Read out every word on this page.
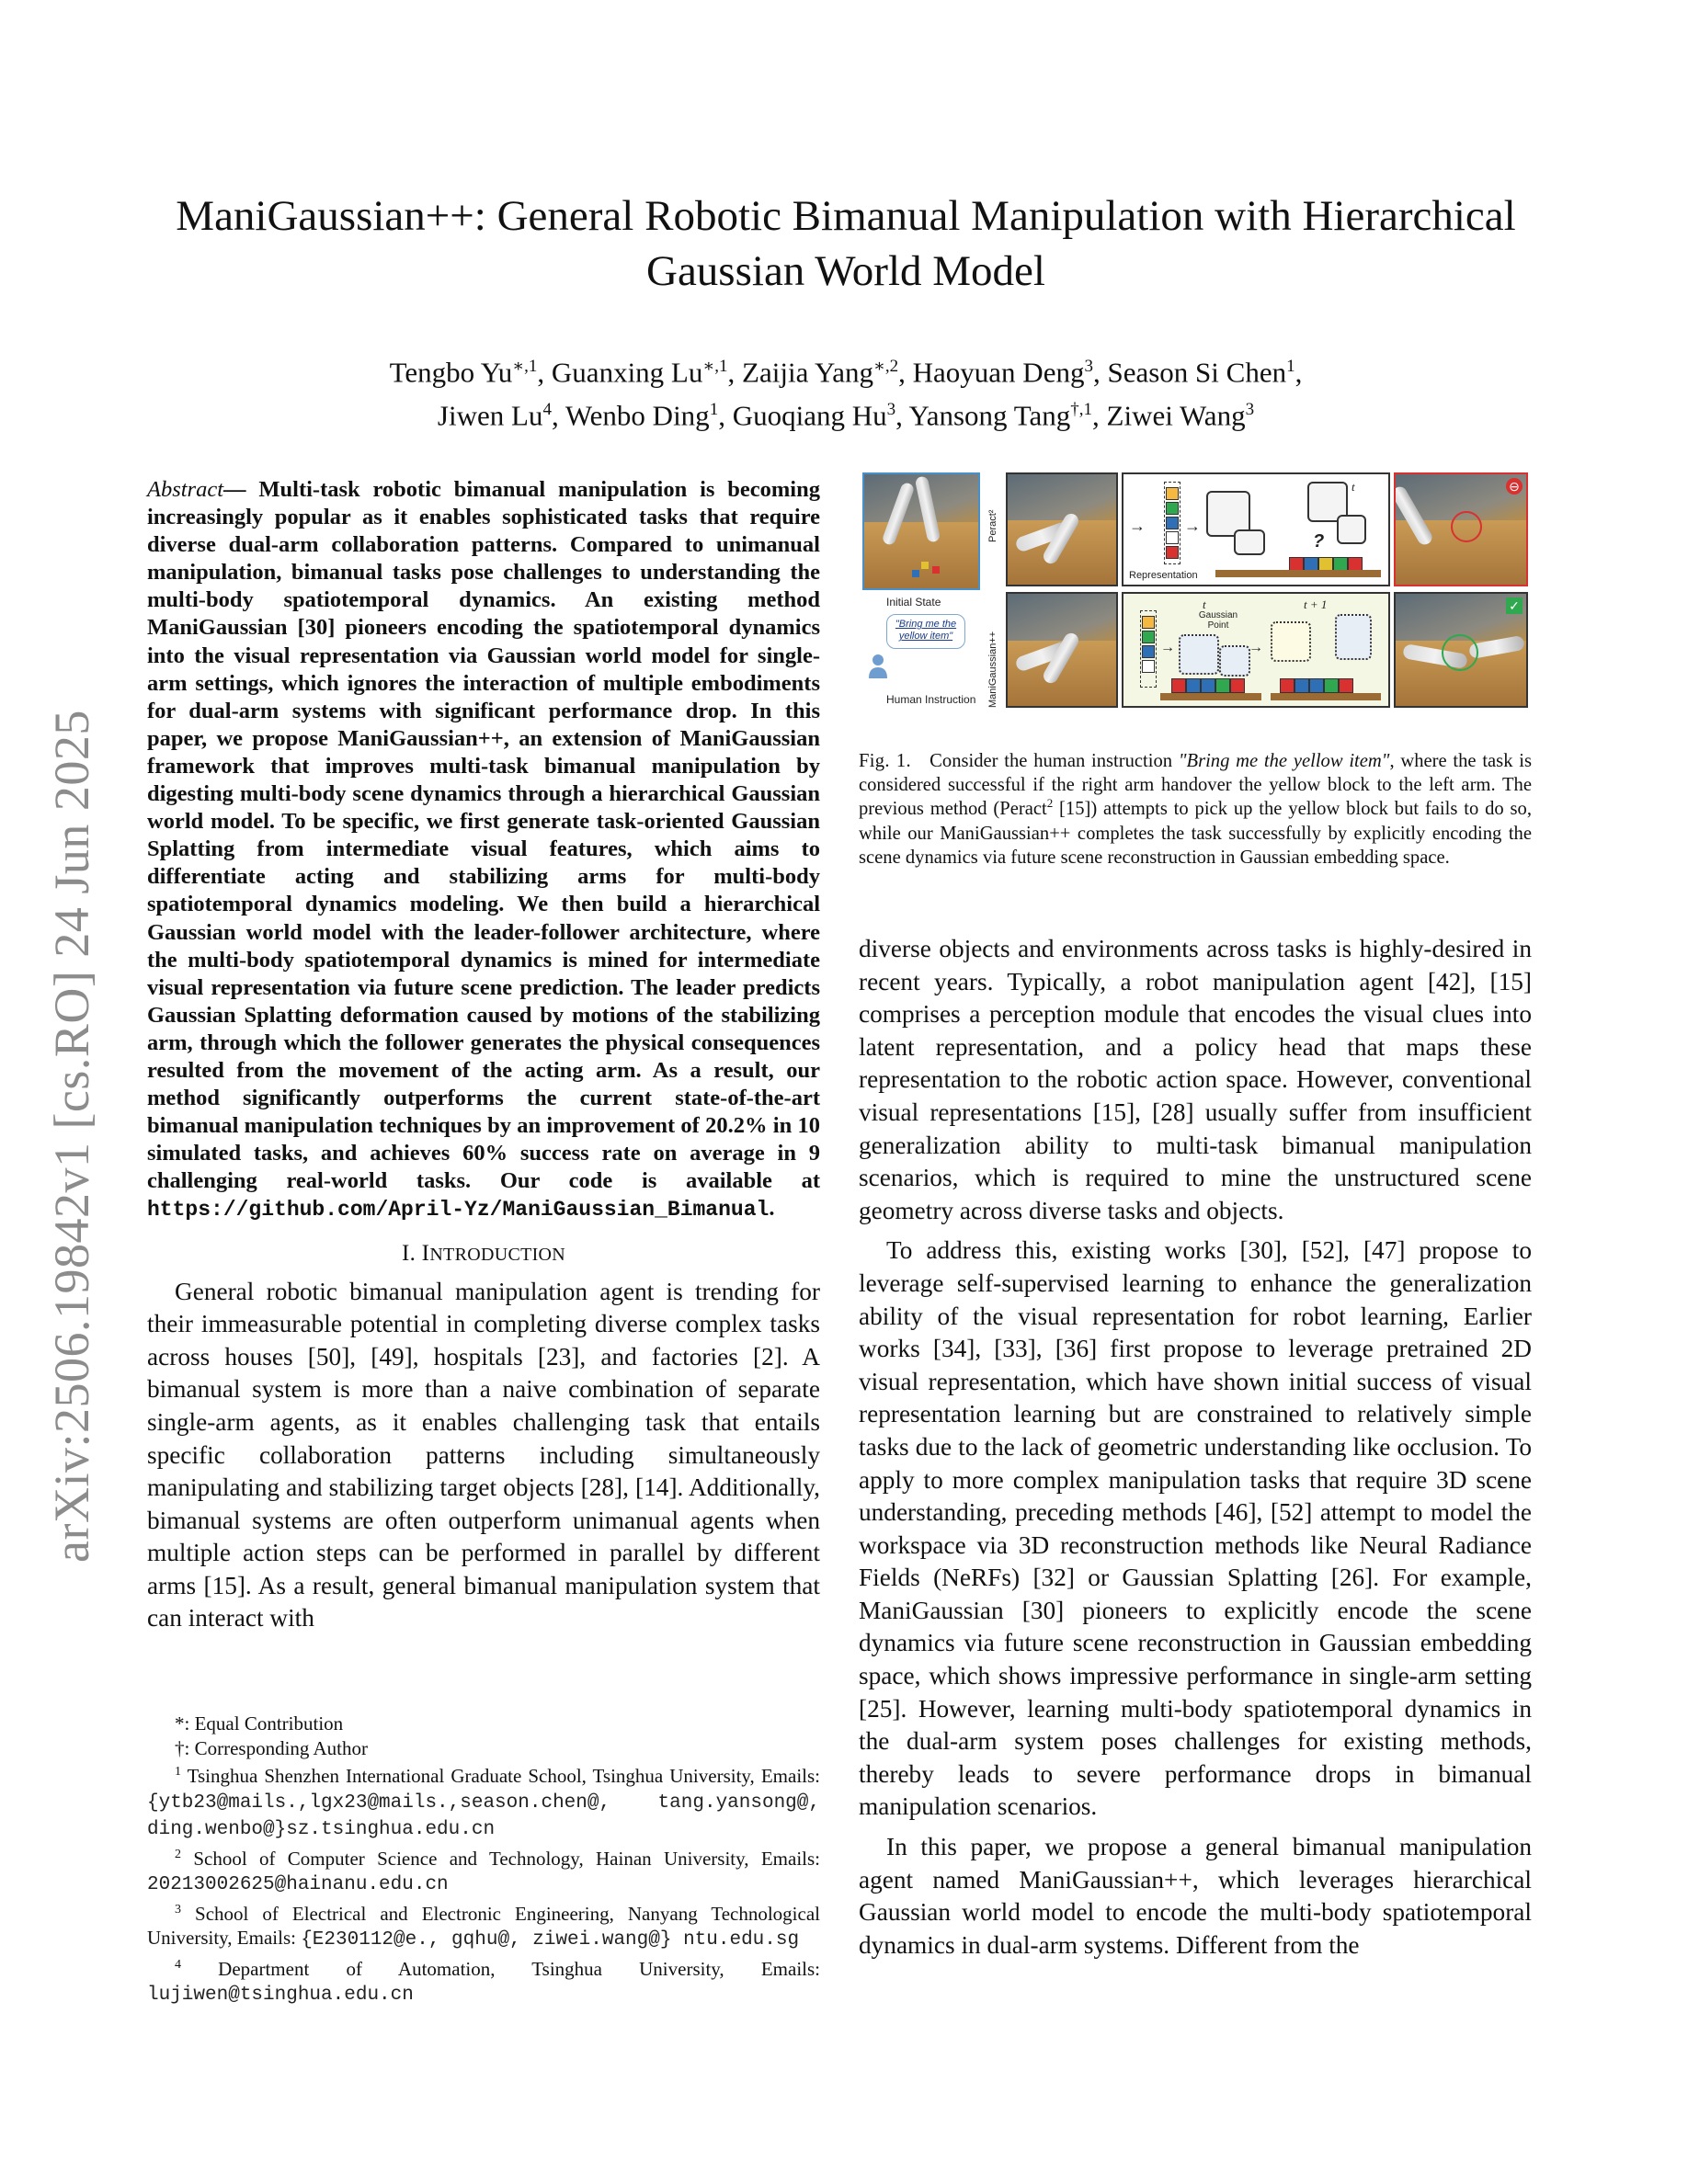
arXiv:2506.19842v1 [cs.RO] 24 Jun 2025
ManiGaussian++: General Robotic Bimanual Manipulation with Hierarchical
Gaussian World Model
Tengbo $Yu^{∗,1}$, Guanxing $Lu^{∗,1}$, Zaijia Yang$^{∗,2}$, Haoyuan Deng$^3$, Season Si Chen$^1$,
Jiwen Lu$^4$, Wenbo Ding$^1$, Guoqiang Hu$^3$, Yansong Tang$^{\dagger,1}$, Ziwei Wang$^3$

Abstract— Multi-task robotic bimanual manipulation is becoming increasingly popular as it enables sophisticated tasks that require diverse dual-arm collaboration patterns. Compared to unimanual manipulation, bimanual tasks pose challenges to understanding the multi-body spatiotemporal dynamics. An existing method ManiGaussian [30] pioneers encoding the spatiotemporal dynamics into the visual representation via Gaussian world model for single-arm settings, which ignores the interaction of multiple embodiments for dual-arm systems with significant performance drop. In this paper, we propose ManiGaussian++, an extension of ManiGaussian framework that improves multi-task bimanual manipulation by digesting multi-body scene dynamics through a hierarchical Gaussian world model. To be specific, we first generate task-oriented Gaussian Splatting from intermediate visual features, which aims to differentiate acting and stabilizing arms for multi-body spatiotemporal dynamics modeling. We then build a hierarchical Gaussian world model with the leader-follower architecture, where the multi-body spatiotemporal dynamics is mined for intermediate visual representation via future scene prediction. The leader predicts Gaussian Splatting deformation caused by motions of the stabilizing arm, through which the follower generates the physical consequences resulted from the movement of the acting arm. As a result, our method significantly outperforms the current state-of-the-art bimanual manipulation techniques by an improvement of 20.2% in 10 simulated tasks, and achieves 60% success rate on average in 9 challenging real-world tasks. Our code is available at https://github.com/April-Yz/ManiGaussian_Bimanual.

I. INTRODUCTION

General robotic bimanual manipulation agent is trending for their immeasurable potential in completing diverse complex tasks across houses [50], [49], hospitals [23], and factories [2]. A bimanual system is more than a naive combination of separate single-arm agents, as it enables challenging task that entails specific collaboration patterns including simultaneously manipulating and stabilizing target objects [28], [14]. Additionally, bimanual systems are often outperform unimanual agents when multiple action steps can be performed in parallel by different arms [15]. As a result, general bimanual manipulation system that can interact with

*: Equal Contribution

†: Corresponding Author

$^1$ Tsinghua Shenzhen International Graduate School, Tsinghua University, Emails: {ytb23@mails.,lgx23@mails.,season.chen@, tang.yansong@, ding.wenbo@}sz.tsinghua.edu.cn

$^2$ School of Computer Science and Technology, Hainan University, Emails: 20213002625@hainanu.edu.cn

$^3$ School of Electrical and Electronic Engineering, Nanyang Technological University, Emails: {E230112@e., gqhu@, ziwei.wang@} ntu.edu.sg

$^4$ Department of Automation, Tsinghua University, Emails: lujiwen@tsinghua.edu.cn

Initial State
"Bring me the yellow item"
Human Instruction
Peract²
ManiGaussian++
→ →
t
?
Representation
⊖
→
t
Gaussian Point
→
t + 1	✓

Fig. 1.   Consider the human instruction "Bring me the yellow item", where the task is considered successful if the right arm handover the yellow block to the left arm. The previous method (Peract$^2$ [15]) attempts to pick up the yellow block but fails to do so, while our ManiGaussian++ completes the task successfully by explicitly encoding the scene dynamics via future scene reconstruction in Gaussian embedding space.

diverse objects and environments across tasks is highly-desired in recent years. Typically, a robot manipulation agent [42], [15] comprises a perception module that encodes the visual clues into latent representation, and a policy head that maps these representation to the robotic action space. However, conventional visual representations [15], [28] usually suffer from insufficient generalization ability to multi-task bimanual manipulation scenarios, which is required to mine the unstructured scene geometry across diverse tasks and objects.

To address this, existing works [30], [52], [47] propose to leverage self-supervised learning to enhance the generalization ability of the visual representation for robot learning, Earlier works [34], [33], [36] first propose to leverage pretrained 2D visual representation, which have shown initial success of visual representation learning but are constrained to relatively simple tasks due to the lack of geometric understanding like occlusion. To apply to more complex manipulation tasks that require 3D scene understanding, preceding methods [46], [52] attempt to model the workspace via 3D reconstruction methods like Neural Radiance Fields (NeRFs) [32] or Gaussian Splatting [26]. For example, ManiGaussian [30] pioneers to explicitly encode the scene dynamics via future scene reconstruction in Gaussian embedding space, which shows impressive performance in single-arm setting [25]. However, learning multi-body spatiotemporal dynamics in the dual-arm system poses challenges for existing methods, thereby leads to severe performance drops in bimanual manipulation scenarios.

In this paper, we propose a general bimanual manipulation agent named ManiGaussian++, which leverages hierarchical Gaussian world model to encode the multi-body spatiotemporal dynamics in dual-arm systems. Different from the
